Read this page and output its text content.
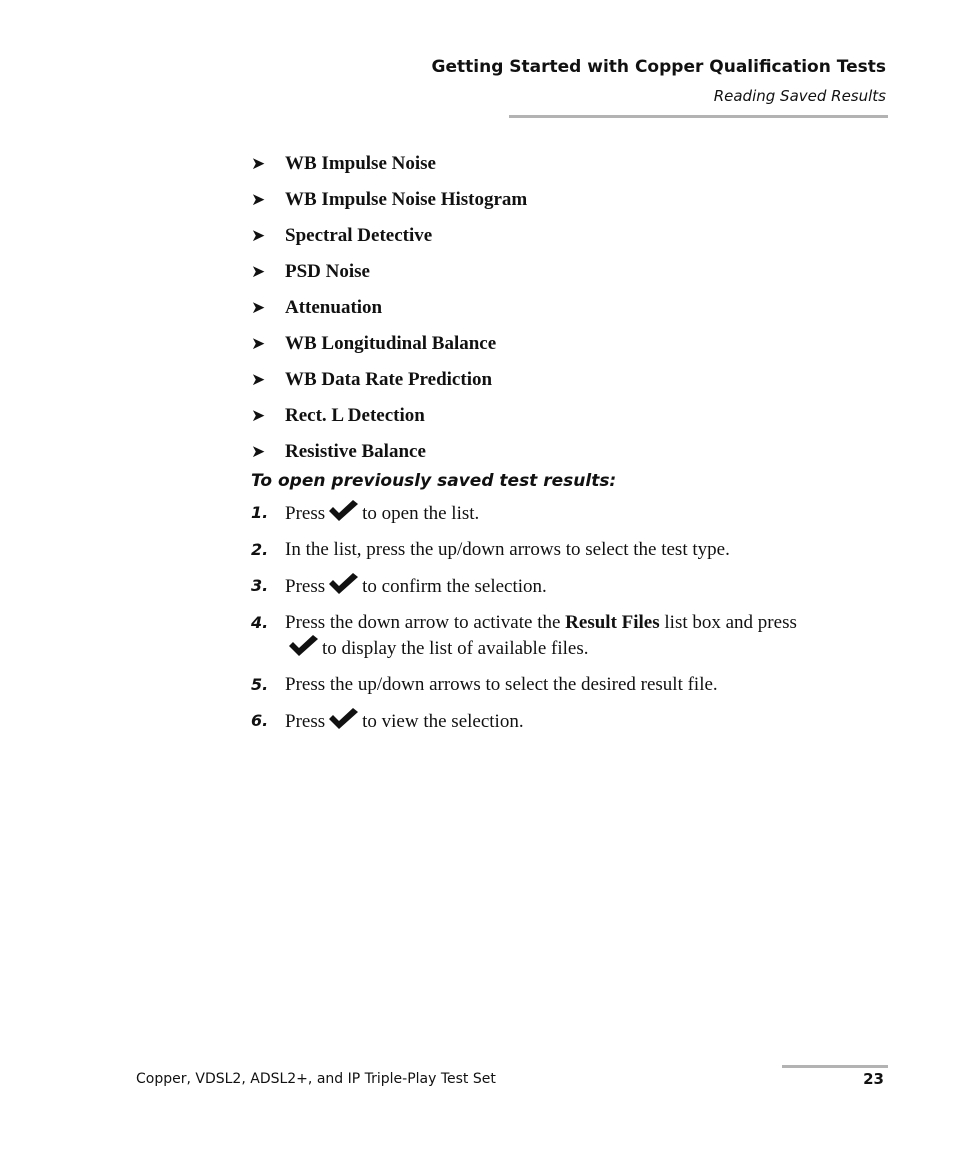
Getting Started with Copper Qualification Tests
Reading Saved Results
➤	WB Impulse Noise
➤	WB Impulse Noise Histogram
➤	Spectral Detective
➤	PSD Noise
➤	Attenuation
➤	WB Longitudinal Balance
➤	WB Data Rate Prediction
➤	Rect. L Detection
➤	Resistive Balance
To open previously saved test results:
1. Press to open the list.
2. In the list, press the up/down arrows to select the test type.
3. Press to confirm the selection.
4. Press the down arrow to activate the Result Files list box and pressto display the list of available files.
5. Press the up/down arrows to select the desired result file.
6. Press to view the selection.
Copper, VDSL2, ADSL2+, and IP Triple-Play Test Set	23
